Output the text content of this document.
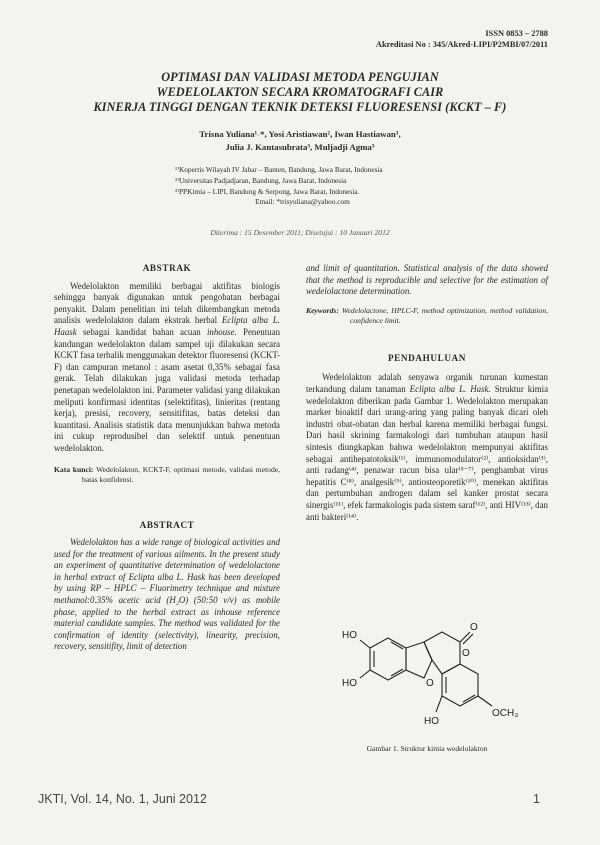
ISSN 0853 – 2788
Akreditasi No : 345/Akred-LIPI/P2MBI/07/2011
OPTIMASI DAN VALIDASI METODA PENGUJIAN
WEDELOLAKTON SECARA KROMATOGRAFI CAIR
KINERJA TINGGI DENGAN TEKNIK DETEKSI FLUORESENSI (KCKT – F)
Trisna Yuliana¹˒*, Yosi Aristiawan², Iwan Hastiawan³,
Julia J. Kantasubrata³, Muljadji Agma³
¹⁾Kopertis Wilayah IV Jabar – Banten, Bandung, Jawa Barat, Indonesia
²⁾Universitas Padjadjaran, Bandung, Jawa Barat, Indonesia
³⁾PPKimia – LIPI, Bandung & Serpong, Jawa Barat, Indonesia.
Email: *trisyuliana@yahoo.com
Diterima : 15 Desember 2011; Disetujui : 10 Januari 2012
ABSTRAK

Wedelolakton memiliki berbagai aktifitas biologis sehingga banyak digunakan untuk pengobatan berbagai penyakit. Dalam penelitian ini telah dikembangkan metoda analisis wedelolakton dalam ekstrak herbal Eclipta alba L. Haask sebagai kandidat bahan acuan inhouse. Penentuan kandungan wedelolakton dalam sampel uji dilakukan secara KCKT fasa terbalik menggunakan detektor fluoresensi (KCKT-F) dan campuran metanol : asam asetat 0,35% sebagai fasa gerak. Telah dilakukan juga validasi metoda terhadap penetapan wedelolakton ini. Parameter validasi yang dilakukan meliputi konfirmasi identitas (selektifitas), linieritas (rentang kerja), presisi, recovery, sensitifitas, batas deteksi dan kuantitasi. Analisis statistik data menunjukkan bahwa metoda ini cukup reprodusibel dan selektif untuk penentuan wedelolakton.

Kata kunci: Wedelolakton, KCKT-F, optimasi metode, validasi metode, batas konfidensi.
ABSTRACT

Wedelolakton has a wide range of biological activities and used for the treatment of various ailments. In the present study an experiment of quantitative determination of wedelolactone in herbal extract of Eclipta alba L. Hask has been developed by using RP – HPLC – Fluorimetry technique and mixture methanol:0.35% acetic acid (H₂O) (50:50 v/v) as mobile phase, applied to the herbal extract as inhouse reference material candidate samples. The method was validated for the confirmation of identity (selectivity), linearity, precision, recovery, sensitifity, limit of detection

and limit of quantitation. Statistical analysis of the data showed that the method is reproducible and selective for the estimation of wedelolactone determination.

Keywords: Wedelolactone, HPLC-F, method optimization, method validation, confidence limit.
PENDAHULUAN

Wedelolakton adalah senyawa organik turunan kumestan terkandung dalam tanaman Eclipta alba L. Hask. Struktur kimia wedelolakton diberikan pada Gambar 1. Wedelolakton merupakan marker bioaktif dari urang-aring yang paling banyak dicari oleh industri obat-obatan dan herbal karena memiliki berbagai fungsi. Dari hasil skrining farmakologi dari tumbuhan ataupun hasil sintesis diungkapkan bahwa wedelolakton mempunyai aktifitas sebagai antihepatotoksik⁽¹⁾, immunomodulator⁽²⁾, antioksidan⁽³⁾, anti radang⁽⁴⁾, penawar racun bisa ular⁽⁵⁻⁷⁾, penghambat virus hepatitis C⁽⁸⁾, analgesik⁽⁹⁾, antiosteoporetik⁽¹⁰⁾, menekan aktifitas dan pertumbuhan androgen dalam sel kanker prostat secara sinergis⁽¹¹⁾, efek farmakologis pada sistem saraf⁽¹²⁾, anti HIV⁽¹³⁾, dan anti bakteri⁽¹⁴⁾.

HO
HO
HO
OCH₃
O
O
O
Gambar 1. Struktur kimia wedelolakton
JKTI, Vol. 14, No. 1, Juni 2012	1
